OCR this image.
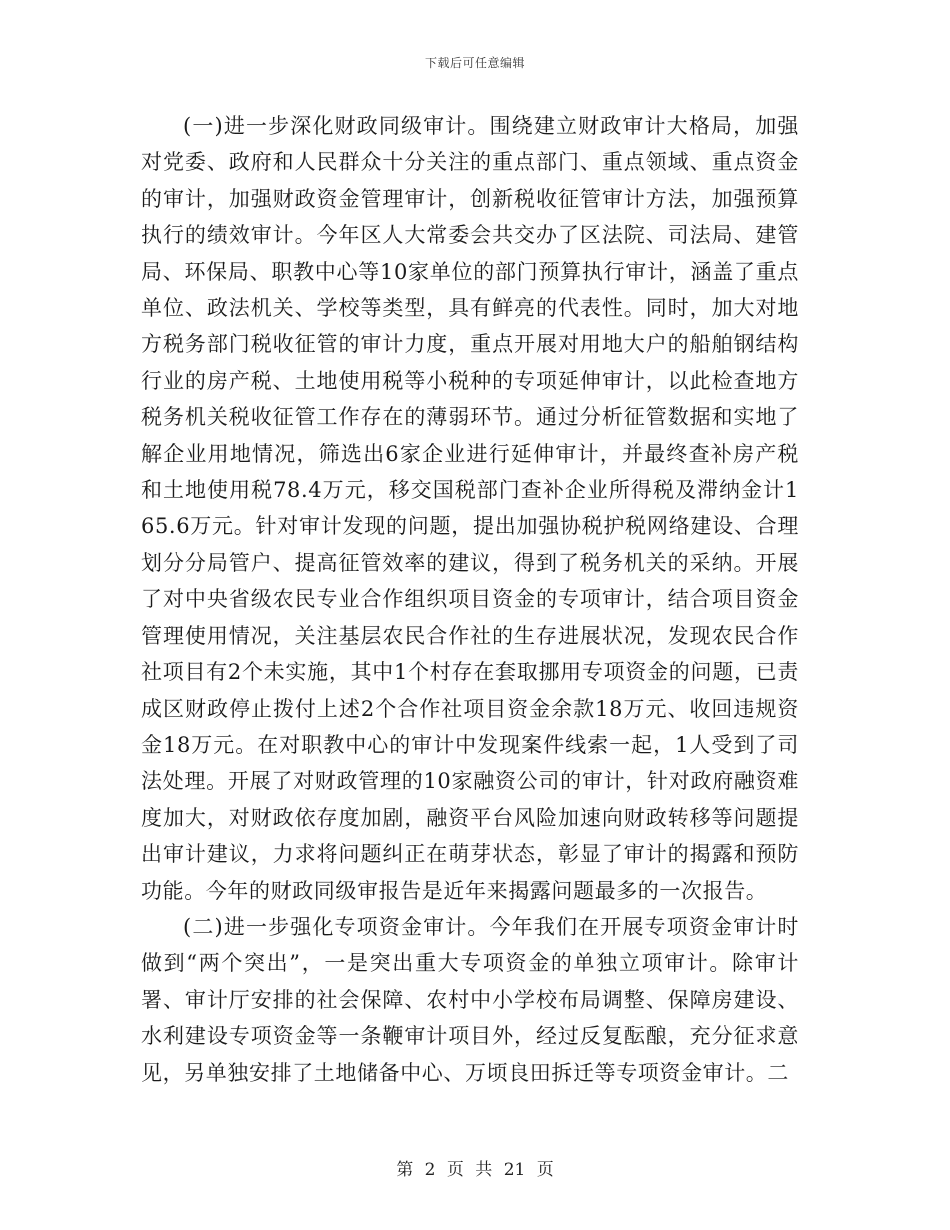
下载后可任意编辑

(一)进一步深化财政同级审计。围绕建立财政审计大格局，加强对党委、政府和人民群众十分关注的重点部门、重点领域、重点资金的审计，加强财政资金管理审计，创新税收征管审计方法，加强预算执行的绩效审计。今年区人大常委会共交办了区法院、司法局、建管局、环保局、职教中心等10家单位的部门预算执行审计，涵盖了重点单位、政法机关、学校等类型，具有鲜亮的代表性。同时，加大对地方税务部门税收征管的审计力度，重点开展对用地大户的船舶钢结构行业的房产税、土地使用税等小税种的专项延伸审计，以此检查地方税务机关税收征管工作存在的薄弱环节。通过分析征管数据和实地了解企业用地情况，筛选出6家企业进行延伸审计，并最终查补房产税和土地使用税78.4万元，移交国税部门查补企业所得税及滞纳金计165.6万元。针对审计发现的问题，提出加强协税护税网络建设、合理划分分局管户、提高征管效率的建议，得到了税务机关的采纳。开展了对中央省级农民专业合作组织项目资金的专项审计，结合项目资金管理使用情况，关注基层农民合作社的生存进展状况，发现农民合作社项目有2个未实施，其中1个村存在套取挪用专项资金的问题，已责成区财政停止拨付上述2个合作社项目资金余款18万元、收回违规资金18万元。在对职教中心的审计中发现案件线索一起，1人受到了司法处理。开展了对财政管理的10家融资公司的审计，针对政府融资难度加大，对财政依存度加剧，融资平台风险加速向财政转移等问题提出审计建议，力求将问题纠正在萌芽状态，彰显了审计的揭露和预防功能。今年的财政同级审报告是近年来揭露问题最多的一次报告。

(二)进一步强化专项资金审计。今年我们在开展专项资金审计时做到“两个突出”，一是突出重大专项资金的单独立项审计。除审计署、审计厅安排的社会保障、农村中小学校布局调整、保障房建设、水利建设专项资金等一条鞭审计项目外，经过反复酝酿，充分征求意见，另单独安排了土地储备中心、万顷良田拆迁等专项资金审计。二

第 2 页 共 21 页
